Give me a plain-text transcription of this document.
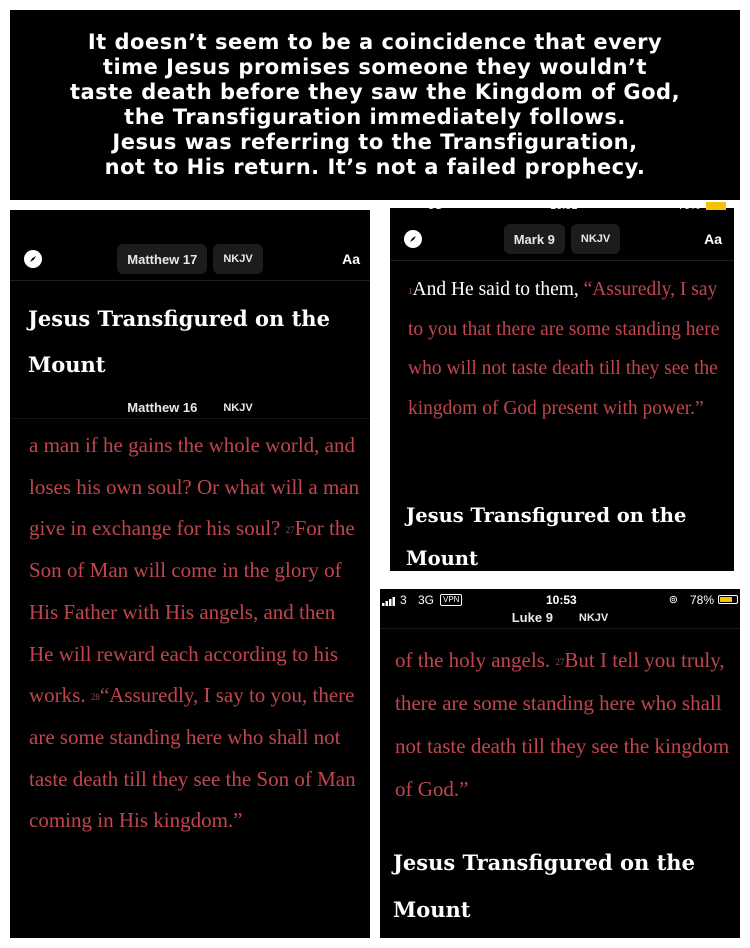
It doesn’t seem to be a coincidence that every
time Jesus promises someone they wouldn’t
taste death before they saw the Kingdom of God,
the Transfiguration immediately follows.
Jesus was referring to the Transfiguration,
not to His return. It’s not a failed prophecy.
Matthew 17	NKJV	Aa
Jesus Transfigured on the
Mount
Matthew 16 NKJV
a man if he gains the whole world, and loses his own soul? Or what will a man give in exchange for his soul? $^{27}$For the Son of Man will come in the glory of His Father with His angels, and then He will reward each according to his works. $^{28}$“Assuredly, I say to you, there are some standing here who shall not taste death till they see the Son of Man coming in His kingdom.”
3G	10:51	79%
Mark 9	NKJV	Aa
$^1$And He said to them, “Assuredly, I say to you that there are some standing here who will not taste death till they see the kingdom of God present with power.”
Jesus Transfigured on the
Mount
3 3G	VPN	10:53	⊚ 78%
Luke 9 NKJV
of the holy angels. $^{27}$But I tell you truly, there are some standing here who shall not taste death till they see the kingdom of God.”
Jesus Transfigured on the
Mount
